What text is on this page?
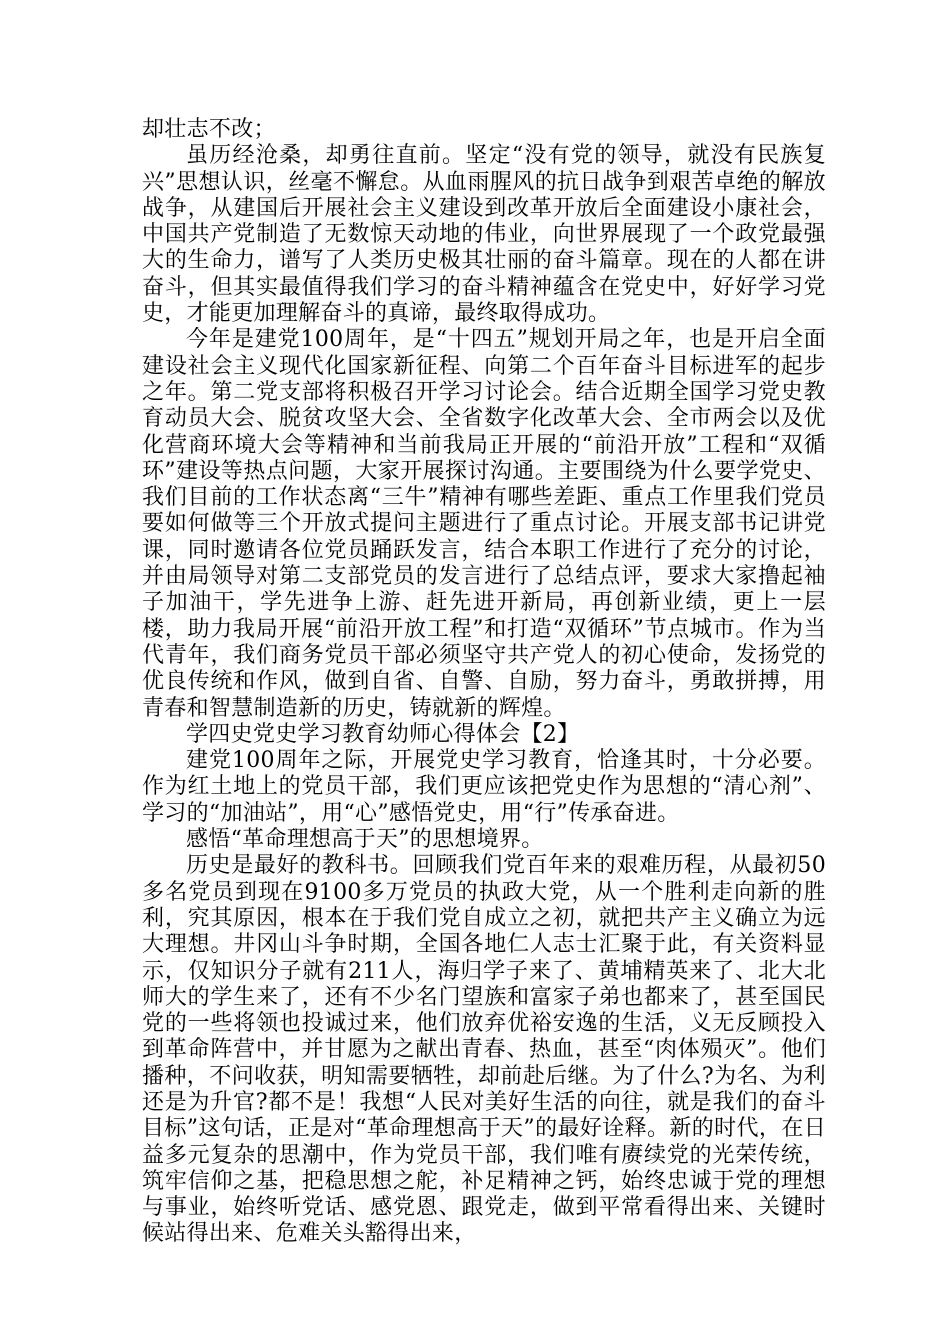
却壮志不改；

虽历经沧桑，却勇往直前。坚定“没有党的领导，就没有民族复兴”思想认识，丝毫不懈怠。从血雨腥风的抗日战争到艰苦卓绝的解放战争，从建国后开展社会主义建设到改革开放后全面建设小康社会，中国共产党制造了无数惊天动地的伟业，向世界展现了一个政党最强大的生命力，谱写了人类历史极其壮丽的奋斗篇章。现在的人都在讲奋斗，但其实最值得我们学习的奋斗精神蕴含在党史中，好好学习党史，才能更加理解奋斗的真谛，最终取得成功。

今年是建党100周年，是“十四五”规划开局之年，也是开启全面建设社会主义现代化国家新征程、向第二个百年奋斗目标进军的起步之年。第二党支部将积极召开学习讨论会。结合近期全国学习党史教育动员大会、脱贫攻坚大会、全省数字化改革大会、全市两会以及优化营商环境大会等精神和当前我局正开展的“前沿开放”工程和“双循环”建设等热点问题，大家开展探讨沟通。主要围绕为什么要学党史、我们目前的工作状态离“三牛”精神有哪些差距、重点工作里我们党员要如何做等三个开放式提问主题进行了重点讨论。开展支部书记讲党课，同时邀请各位党员踊跃发言，结合本职工作进行了充分的讨论，并由局领导对第二支部党员的发言进行了总结点评，要求大家撸起袖子加油干，学先进争上游、赶先进开新局，再创新业绩，更上一层楼，助力我局开展“前沿开放工程”和打造“双循环”节点城市。作为当代青年，我们商务党员干部必须坚守共产党人的初心使命，发扬党的优良传统和作风，做到自省、自警、自励，努力奋斗，勇敢拼搏，用青春和智慧制造新的历史，铸就新的辉煌。

学四史党史学习教育幼师心得体会【2】

建党100周年之际，开展党史学习教育，恰逢其时，十分必要。作为红土地上的党员干部，我们更应该把党史作为思想的“清心剂”、学习的“加油站”，用“心”感悟党史，用“行”传承奋进。

感悟“革命理想高于天”的思想境界。

历史是最好的教科书。回顾我们党百年来的艰难历程，从最初50多名党员到现在9100多万党员的执政大党，从一个胜利走向新的胜利，究其原因，根本在于我们党自成立之初，就把共产主义确立为远大理想。井冈山斗争时期，全国各地仁人志士汇聚于此，有关资料显示，仅知识分子就有211人，海归学子来了、黄埔精英来了、北大北师大的学生来了，还有不少名门望族和富家子弟也都来了，甚至国民党的一些将领也投诚过来，他们放弃优裕安逸的生活，义无反顾投入到革命阵营中，并甘愿为之献出青春、热血，甚至“肉体殒灭”。他们播种，不问收获，明知需要牺牲，却前赴后继。为了什么?为名、为利还是为升官?都不是！我想“人民对美好生活的向往，就是我们的奋斗目标”这句话，正是对“革命理想高于天”的最好诠释。新的时代，在日益多元复杂的思潮中，作为党员干部，我们唯有赓续党的光荣传统，筑牢信仰之基，把稳思想之舵，补足精神之钙，始终忠诚于党的理想与事业，始终听党话、感党恩、跟党走，做到平常看得出来、关键时候站得出来、危难关头豁得出来，
